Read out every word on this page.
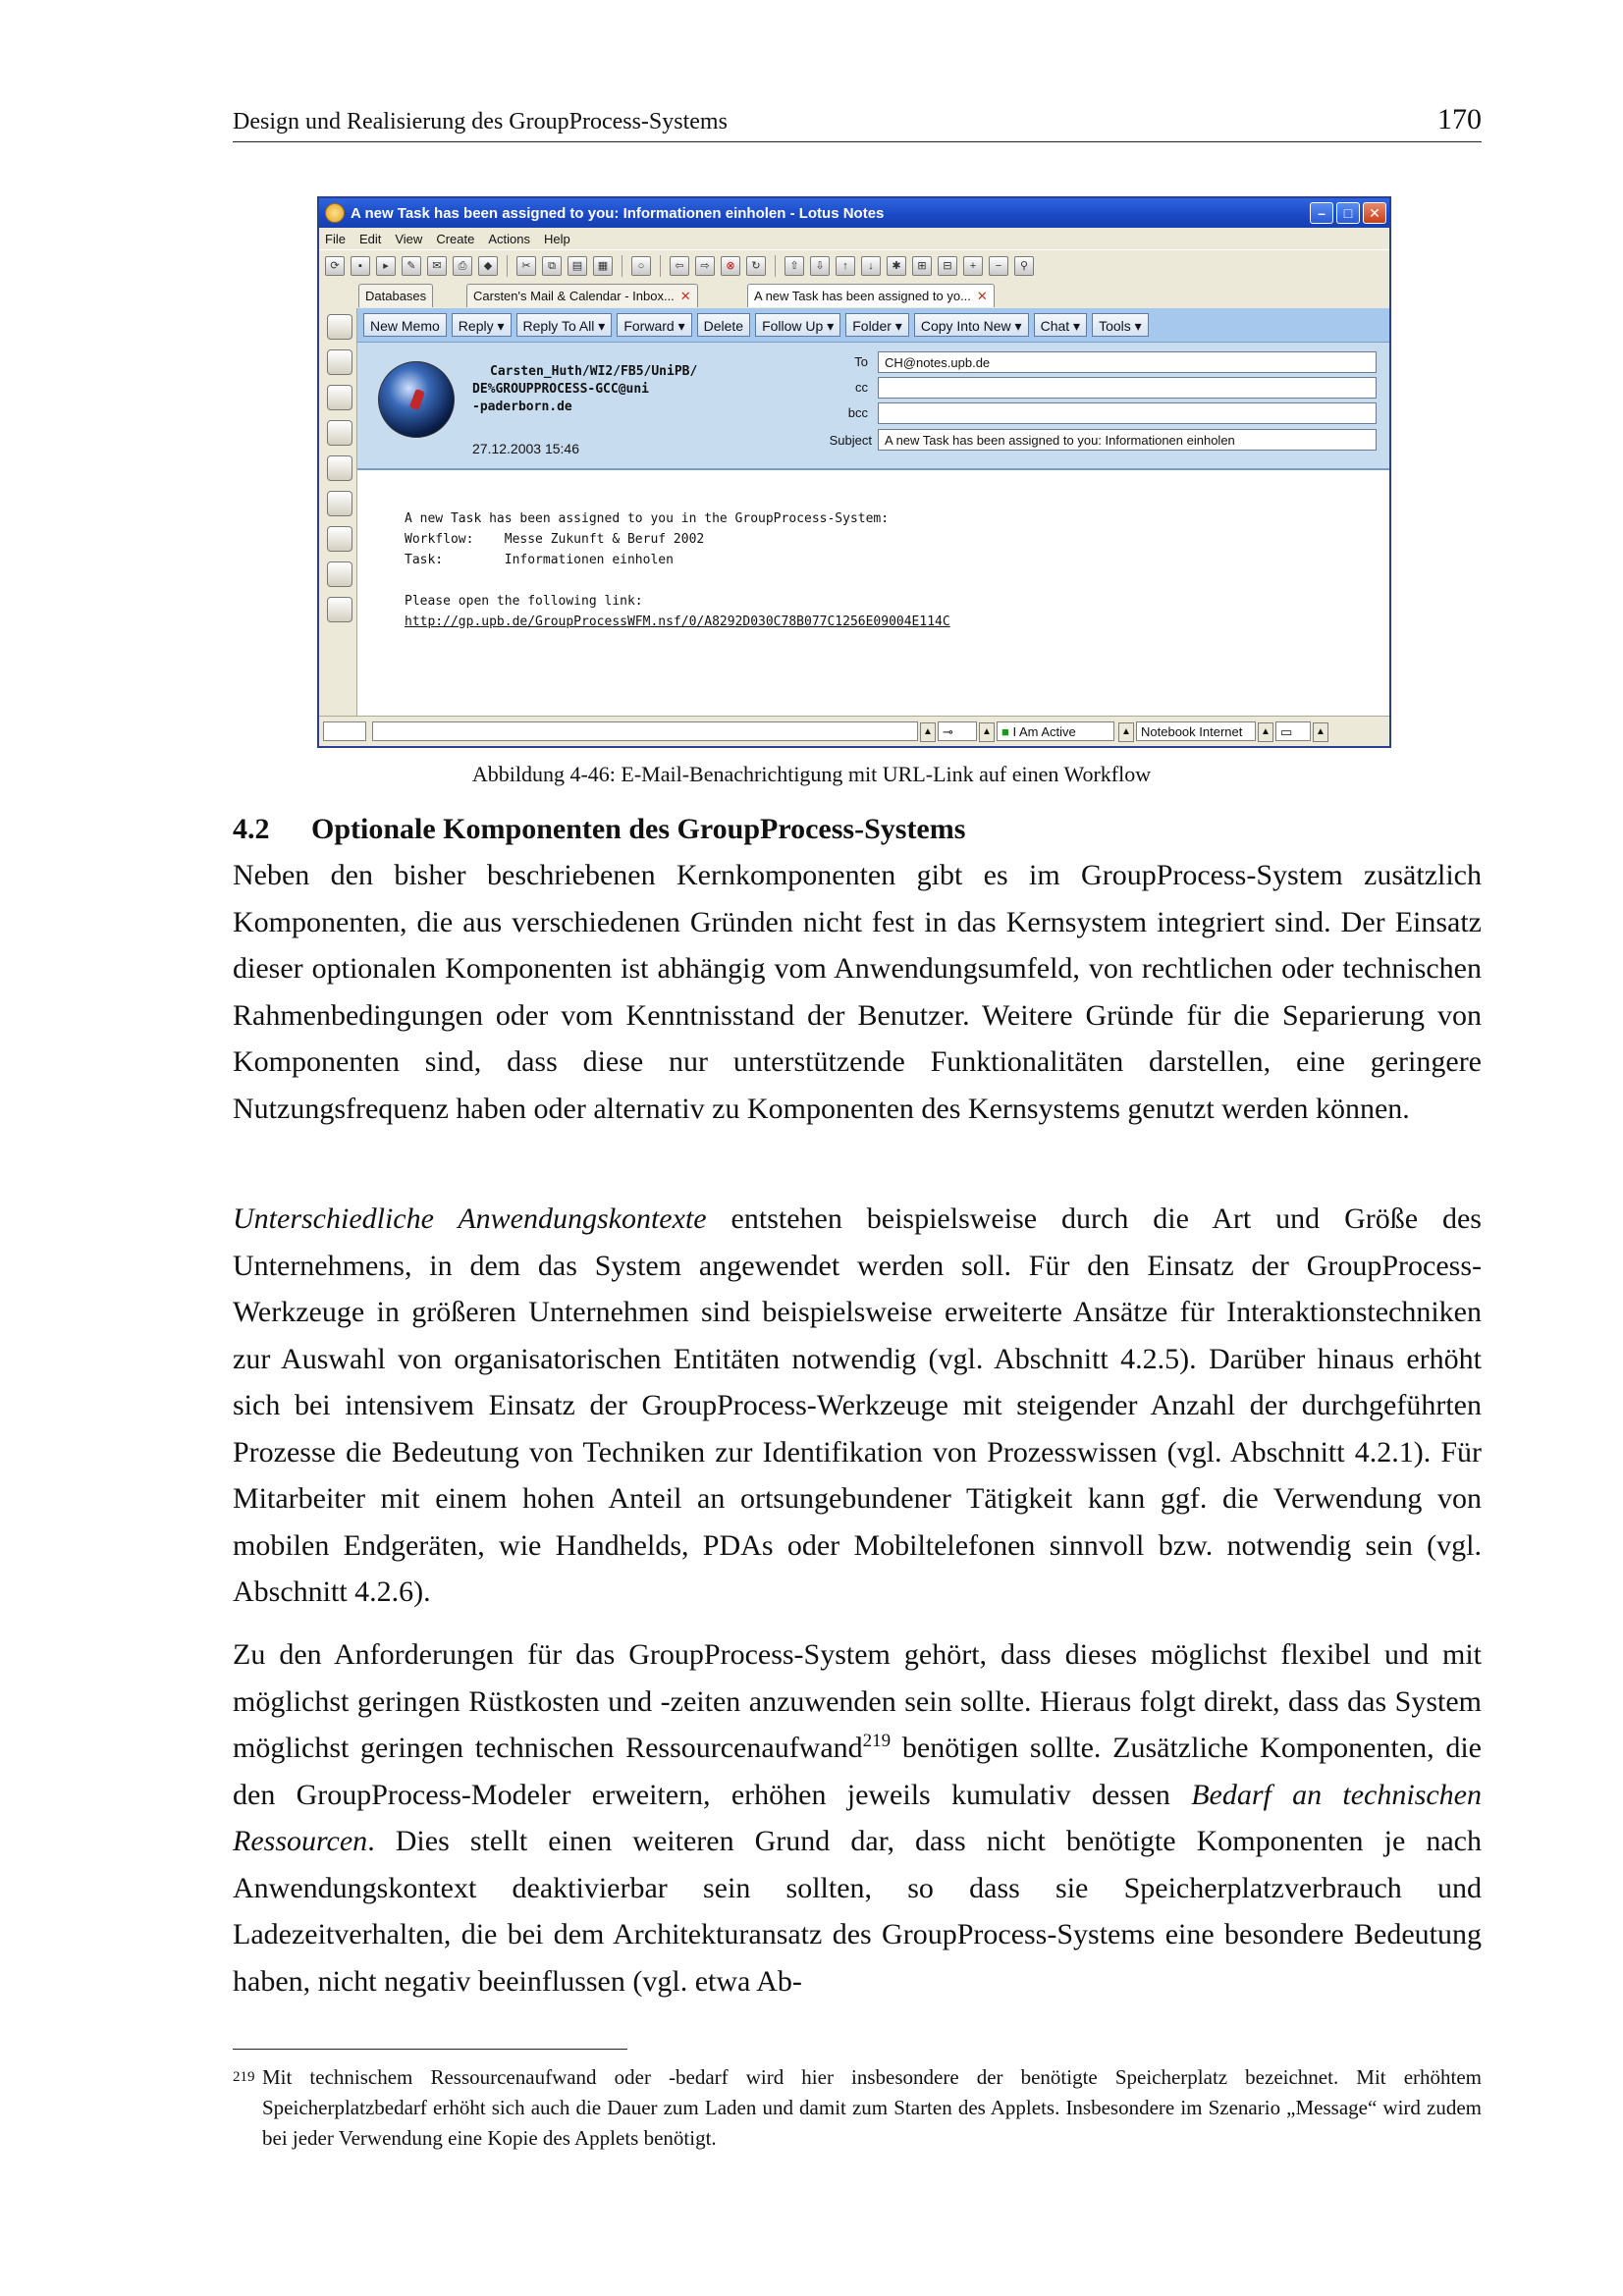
Design und Realisierung des GroupProcess-Systems	170
A new Task has been assigned to you: Informationen einholen - Lotus Notes	–	□	✕
File Edit View Create Actions Help
⟳	▪	▸	✎	✉	⎙	◆	✂	⧉	▤	▦	○	⇦	⇨	⊗	↻	⇧	⇩	↑	↓	✱	⊞	⊟	+	−	⚲
Databases	Carsten's Mail & Calendar - Inbox... ✕	A new Task has been assigned to yo... ✕
New Memo	Reply ▾	Reply To All ▾	Forward ▾	Delete	Follow Up ▾	Folder ▾	Copy Into New ▾	Chat ▾	Tools ▾
Carsten_Huth/WI2/FB5/UniPB/
DE%GROUPPROCESS-GCC@uni
-paderborn.de
27.12.2003 15:46
To	CH@notes.upb.de
cc
bcc
Subject	A new Task has been assigned to you: Informationen einholen
A new Task has been assigned to you in the GroupProcess-System:
Workflow:    Messe Zukunft & Beruf 2002
Task:        Informationen einholen
Please open the following link:
http://gp.upb.de/GroupProcessWFM.nsf/0/A8292D030C78B077C1256E09004E114C
▲ ⊸	▲ ■ I Am Active	▲ Notebook Internet	▲ ▭	▲
Abbildung 4-46: E-Mail-Benachrichtigung mit URL-Link auf einen Workflow
4.2 Optionale Komponenten des GroupProcess-Systems

Neben den bisher beschriebenen Kernkomponenten gibt es im GroupProcess-System zusätzlich Komponenten, die aus verschiedenen Gründen nicht fest in das Kernsystem integriert sind. Der Einsatz dieser optionalen Komponenten ist abhängig vom Anwendungsumfeld, von rechtlichen oder technischen Rahmenbedingungen oder vom Kenntnisstand der Benutzer. Weitere Gründe für die Separierung von Komponenten sind, dass diese nur unterstützende Funktionalitäten darstellen, eine geringere Nutzungsfrequenz haben oder alternativ zu Komponenten des Kernsystems genutzt werden können.

Unterschiedliche Anwendungskontexte entstehen beispielsweise durch die Art und Größe des Unternehmens, in dem das System angewendet werden soll. Für den Einsatz der GroupProcess-Werkzeuge in größeren Unternehmen sind beispielsweise erweiterte Ansätze für Interaktionstechniken zur Auswahl von organisatorischen Entitäten notwendig (vgl. Abschnitt 4.2.5). Darüber hinaus erhöht sich bei intensivem Einsatz der GroupProcess-Werkzeuge mit steigender Anzahl der durchgeführten Prozesse die Bedeutung von Techniken zur Identifikation von Prozesswissen (vgl. Abschnitt 4.2.1). Für Mitarbeiter mit einem hohen Anteil an ortsungebundener Tätigkeit kann ggf. die Verwendung von mobilen Endgeräten, wie Handhelds, PDAs oder Mobiltelefonen sinnvoll bzw. notwendig sein (vgl. Abschnitt 4.2.6).

Zu den Anforderungen für das GroupProcess-System gehört, dass dieses möglichst flexibel und mit möglichst geringen Rüstkosten und -zeiten anzuwenden sein sollte. Hieraus folgt direkt, dass das System möglichst geringen technischen Ressourcenaufwand$^{219}$ benötigen sollte. Zusätzliche Komponenten, die den GroupProcess-Modeler erweitern, erhöhen jeweils kumulativ dessen Bedarf an technischen Ressourcen. Dies stellt einen weiteren Grund dar, dass nicht benötigte Komponenten je nach Anwendungskontext deaktivierbar sein sollten, so dass sie Speicherplatzverbrauch und Ladezeitverhalten, die bei dem Architekturansatz des GroupProcess-Systems eine besondere Bedeutung haben, nicht negativ beeinflussen (vgl. etwa Ab-

219 Mit technischem Ressourcenaufwand oder -bedarf wird hier insbesondere der benötigte Speicherplatz bezeichnet. Mit erhöhtem Speicherplatzbedarf erhöht sich auch die Dauer zum Laden und damit zum Starten des Applets. Insbesondere im Szenario „Message“ wird zudem bei jeder Verwendung eine Kopie des Applets benötigt.
